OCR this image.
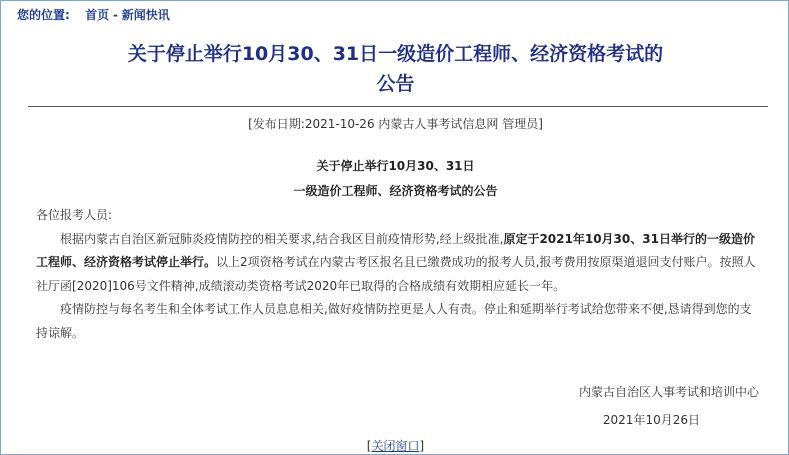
您的位置: 首页 - 新闻快讯
关于停止举行10月30、31日一级造价工程师、经济资格考试的
公告
[发布日期:2021-10-26 内蒙古人事考试信息网 管理员]
关于停止举行10月30、31日
一级造价工程师、经济资格考试的公告

各位报考人员:

根据内蒙古自治区新冠肺炎疫情防控的相关要求,结合我区目前疫情形势,经上级批准,原定于2021年10月30、31日举行的一级造价工程师、经济资格考试停止举行。以上2项资格考试在内蒙古考区报名且已缴费成功的报考人员,报考费用按原渠道退回支付账户。按照人社厅函[2020]106号文件精神,成绩滚动类资格考试2020年已取得的合格成绩有效期相应延长一年。

疫情防控与每名考生和全体考试工作人员息息相关,做好疫情防控更是人人有责。停止和延期举行考试给您带来不便,恳请得到您的支持谅解。

内蒙古自治区人事考试和培训中心
2021年10月26日
[关闭窗口]
